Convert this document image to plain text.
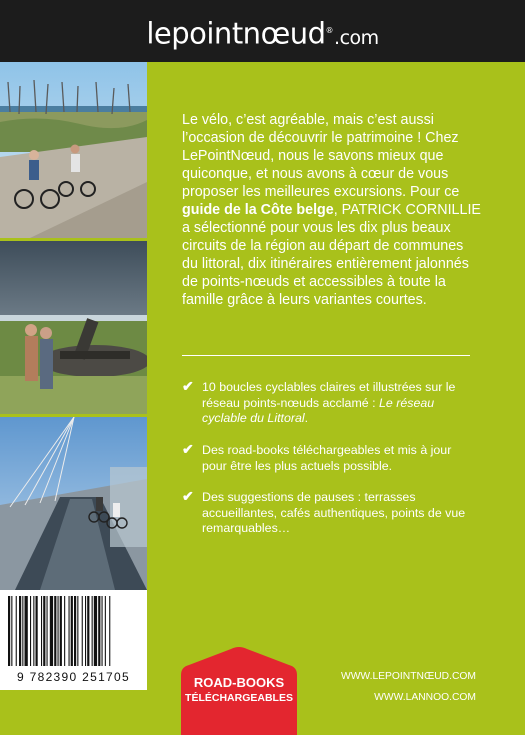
lepointnœud®.com
9 782390 251705

Le vélo, c’est agréable, mais c’est aussi l’occasion de découvrir le patrimoine ! Chez LePointNœud, nous le savons mieux que quiconque, et nous avons à cœur de vous proposer les meilleures excursions. Pour ce guide de la Côte belge, PATRICK CORNILLIE a sélectionné pour vous les dix plus beaux circuits de la région au départ de communes du littoral, dix itinéraires entièrement jalonnés de points-nœuds et accessibles à toute la famille grâce à leurs variantes courtes.

✔ 10 boucles cyclables claires et illustrées sur le réseau points-nœuds acclamé : Le réseau cyclable du Littoral.
✔ Des road-books téléchargeables et mis à jour pour être les plus actuels possible.
✔ Des suggestions de pauses : terrasses accueillantes, cafés authentiques, points de vue remarquables…
ROAD-BOOKS
TÉLÉCHARGEABLES
WWW.LEPOINTNŒUD.COM
WWW.LANNOO.COM
